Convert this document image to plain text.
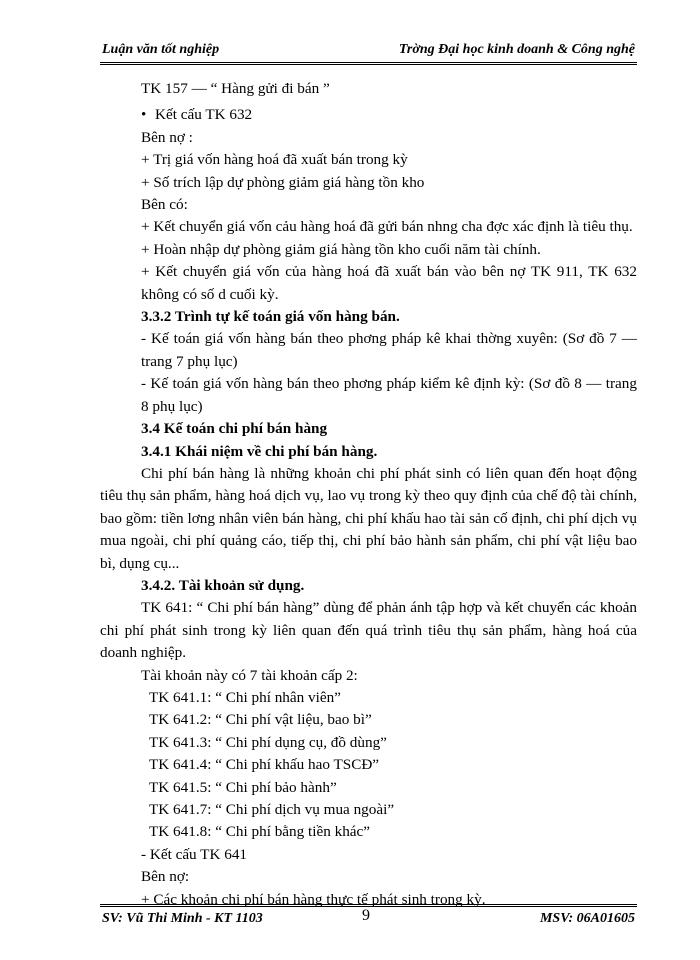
Luận văn tốt nghiệp	Trờng Đại học kinh doanh & Công nghệ

TK 157 — “ Hàng gửi đi bán ”

• Kết cấu TK 632

Bên nợ :

+ Trị giá vốn hàng hoá đã xuất bán trong kỳ

+ Số trích lập dự phòng giảm giá hàng tồn kho

Bên có:

+ Kết chuyển giá vốn cảu hàng hoá đã gửi bán nhng cha đợc xác định là tiêu thụ.

+ Hoàn nhập dự phòng giảm giá hàng tồn kho cuối năm tài chính.

+ Kết chuyển giá vốn của hàng hoá đã xuất bán vào bên nợ TK 911, TK 632 không có số d cuối kỳ.

3.3.2 Trình tự kế toán giá vốn hàng bán.

- Kế toán giá vốn hàng bán theo phơng pháp kê khai thờng xuyên: (Sơ đồ 7 — trang 7 phụ lục)

- Kế toán giá vốn hàng bán theo phơng pháp kiểm kê định kỳ: (Sơ đồ 8 — trang 8 phụ lục)

3.4 Kế toán chi phí bán hàng

3.4.1 Khái niệm về chi phí bán hàng.

Chi phí bán hàng là những khoản chi phí phát sinh có liên quan đến hoạt động tiêu thụ sản phẩm, hàng hoá dịch vụ, lao vụ trong kỳ theo quy định của chế độ tài chính, bao gồm: tiền lơng nhân viên bán hàng, chi phí khấu hao tài sản cố định, chi phí dịch vụ mua ngoài, chi phí quảng cáo, tiếp thị, chi phí bảo hành sản phẩm, chi phí vật liệu bao bì, dụng cụ...

3.4.2. Tài khoản sử dụng.

TK 641: “ Chi phí bán hàng” dùng để phản ánh tập hợp và kết chuyển các khoản chi phí phát sinh trong kỳ liên quan đến quá trình tiêu thụ sản phẩm, hàng hoá của doanh nghiệp.

Tài khoản này có 7 tài khoản cấp 2:

TK 641.1: “ Chi phí nhân viên”

TK 641.2: “ Chi phí vật liệu, bao bì”

TK 641.3: “ Chi phí dụng cụ, đồ dùng”

TK 641.4: “ Chi phí khấu hao TSCĐ”

TK 641.5: “ Chi phí bảo hành”

TK 641.7: “ Chi phí dịch vụ mua ngoài”

TK 641.8: “ Chi phí bằng tiền khác”

- Kết cấu TK 641

Bên nợ:

+ Các khoản chi phí bán hàng thực tế phát sinh trong kỳ.

SV: Vũ Thi Minh - KT 1103	9	MSV: 06A01605
